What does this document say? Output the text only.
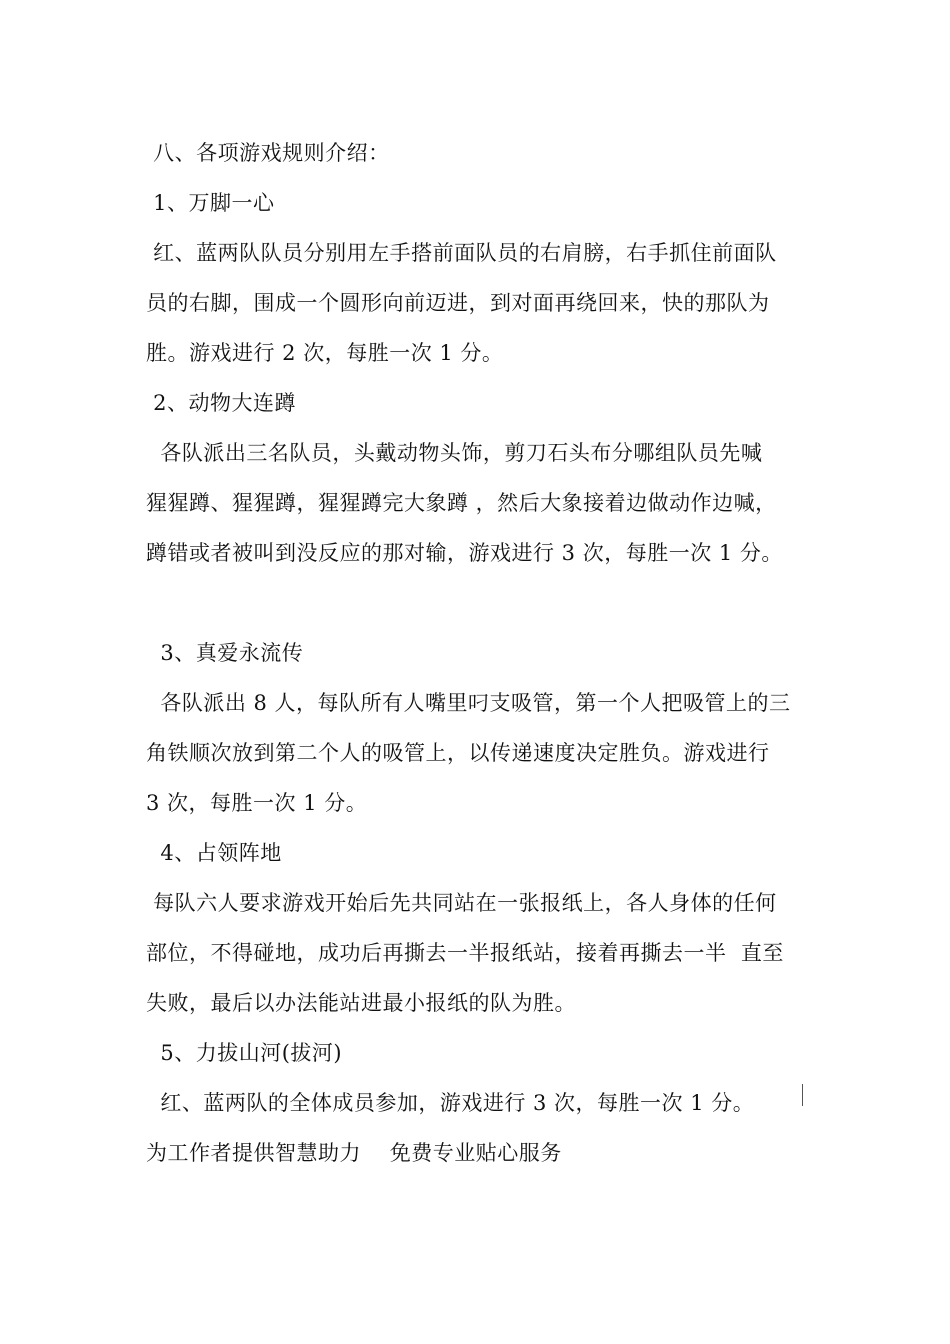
八、各项游戏规则介绍：
1、万脚一心
红、蓝两队队员分别用左手搭前面队员的右肩膀，右手抓住前面队
员的右脚，围成一个圆形向前迈进，到对面再绕回来，快的那队为
胜。游戏进行 2 次，每胜一次 1 分。
2、动物大连蹲
各队派出三名队员，头戴动物头饰，剪刀石头布分哪组队员先喊
猩猩蹲、猩猩蹲，猩猩蹲完大象蹲 ，然后大象接着边做动作边喊，
蹲错或者被叫到没反应的那对输，游戏进行 3 次，每胜一次 1 分。
3、真爱永流传
各队派出 8 人，每队所有人嘴里叼支吸管，第一个人把吸管上的三
角铁顺次放到第二个人的吸管上，以传递速度决定胜负。游戏进行
3 次，每胜一次 1 分。
4、占领阵地
每队六人要求游戏开始后先共同站在一张报纸上，各人身体的任何
部位，不得碰地，成功后再撕去一半报纸站，接着再撕去一半  直至
失败，最后以办法能站进最小报纸的队为胜。
5、力拔山河(拔河)
红、蓝两队的全体成员参加，游戏进行 3 次，每胜一次 1 分。
为工作者提供智慧助力    免费专业贴心服务
